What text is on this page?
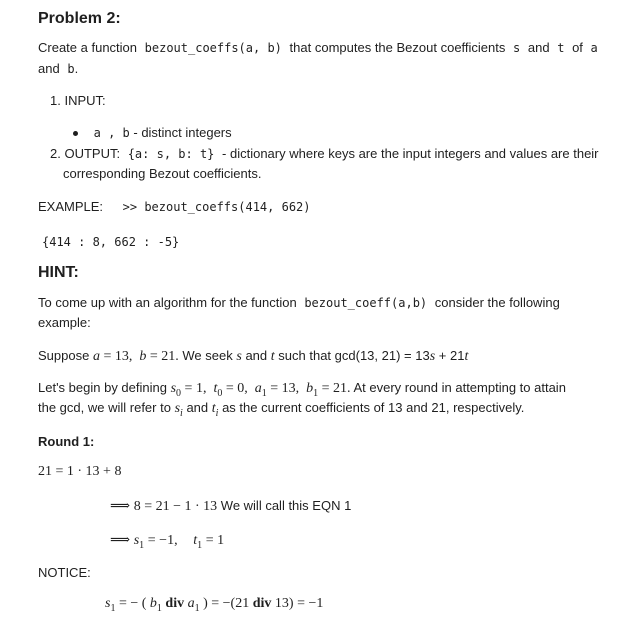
Problem 2:
Create a function bezout_coeffs(a, b) that computes the Bezout coefficients s and t of a
and b.
1. INPUT:
a , b - distinct integers
2. OUTPUT: {a: s, b: t} - dictionary where keys are the input integers and values are their
corresponding Bezout coefficients.
EXAMPLE: >> bezout_coeffs(414, 662)
{414 : 8, 662 : -5}
HINT:
To come up with an algorithm for the function bezout_coeff(a,b) consider the following
example:
Suppose a = 13,  b = 21. We seek s and t such that gcd(13, 21) = 13s + 21t
Let's begin by defining $s_0 = 1$,  $t_0 = 0$,  $a_1 = 13$,  $b_1 = 21$. At every round in attempting to attain
the gcd, we will refer to $s_i$ and $t_i$ as the current coefficients of 13 and 21, respectively.
Round 1:
21 = 1 · 13 + 8
⟹ 8 = 21 − 1 · 13 We will call this EQN 1
⟹ $s_1 = -1$, $t_1 = 1$
NOTICE:
$s_1$ = − ( $b_1$ div $a_1$ ) = −(21 div 13) = −1
